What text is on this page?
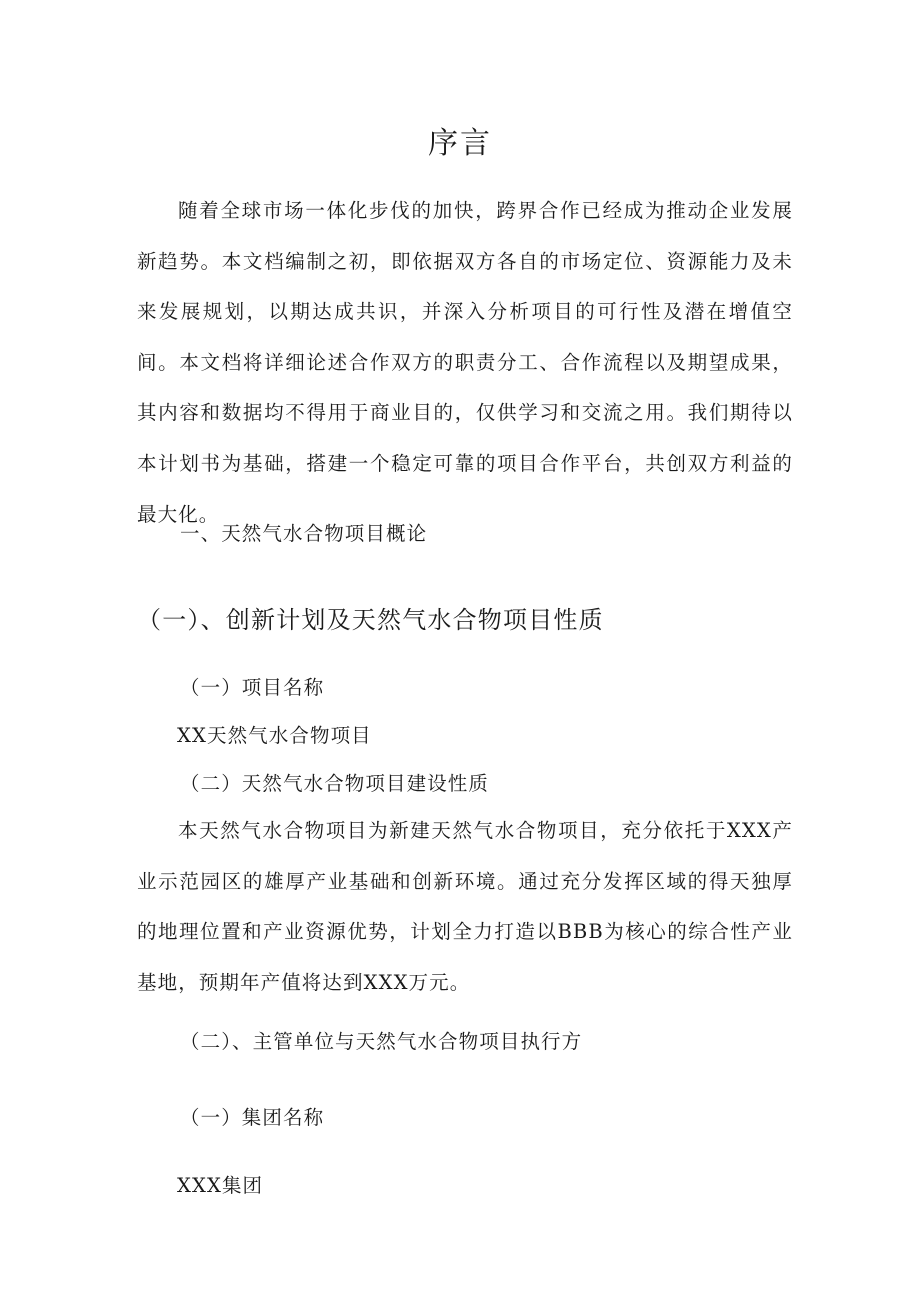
序言

随着全球市场一体化步伐的加快，跨界合作已经成为推动企业发展新趋势。本文档编制之初，即依据双方各自的市场定位、资源能力及未来发展规划，以期达成共识，并深入分析项目的可行性及潜在增值空间。本文档将详细论述合作双方的职责分工、合作流程以及期望成果，其内容和数据均不得用于商业目的，仅供学习和交流之用。我们期待以本计划书为基础，搭建一个稳定可靠的项目合作平台，共创双方利益的最大化。

一、天然气水合物项目概论
（一）、创新计划及天然气水合物项目性质
（一）项目名称
XX天然气水合物项目
（二）天然气水合物项目建设性质

本天然气水合物项目为新建天然气水合物项目，充分依托于XXX产业示范园区的雄厚产业基础和创新环境。通过充分发挥区域的得天独厚的地理位置和产业资源优势，计划全力打造以BBB为核心的综合性产业基地，预期年产值将达到XXX万元。

（二）、主管单位与天然气水合物项目执行方
（一）集团名称
XXX集团
